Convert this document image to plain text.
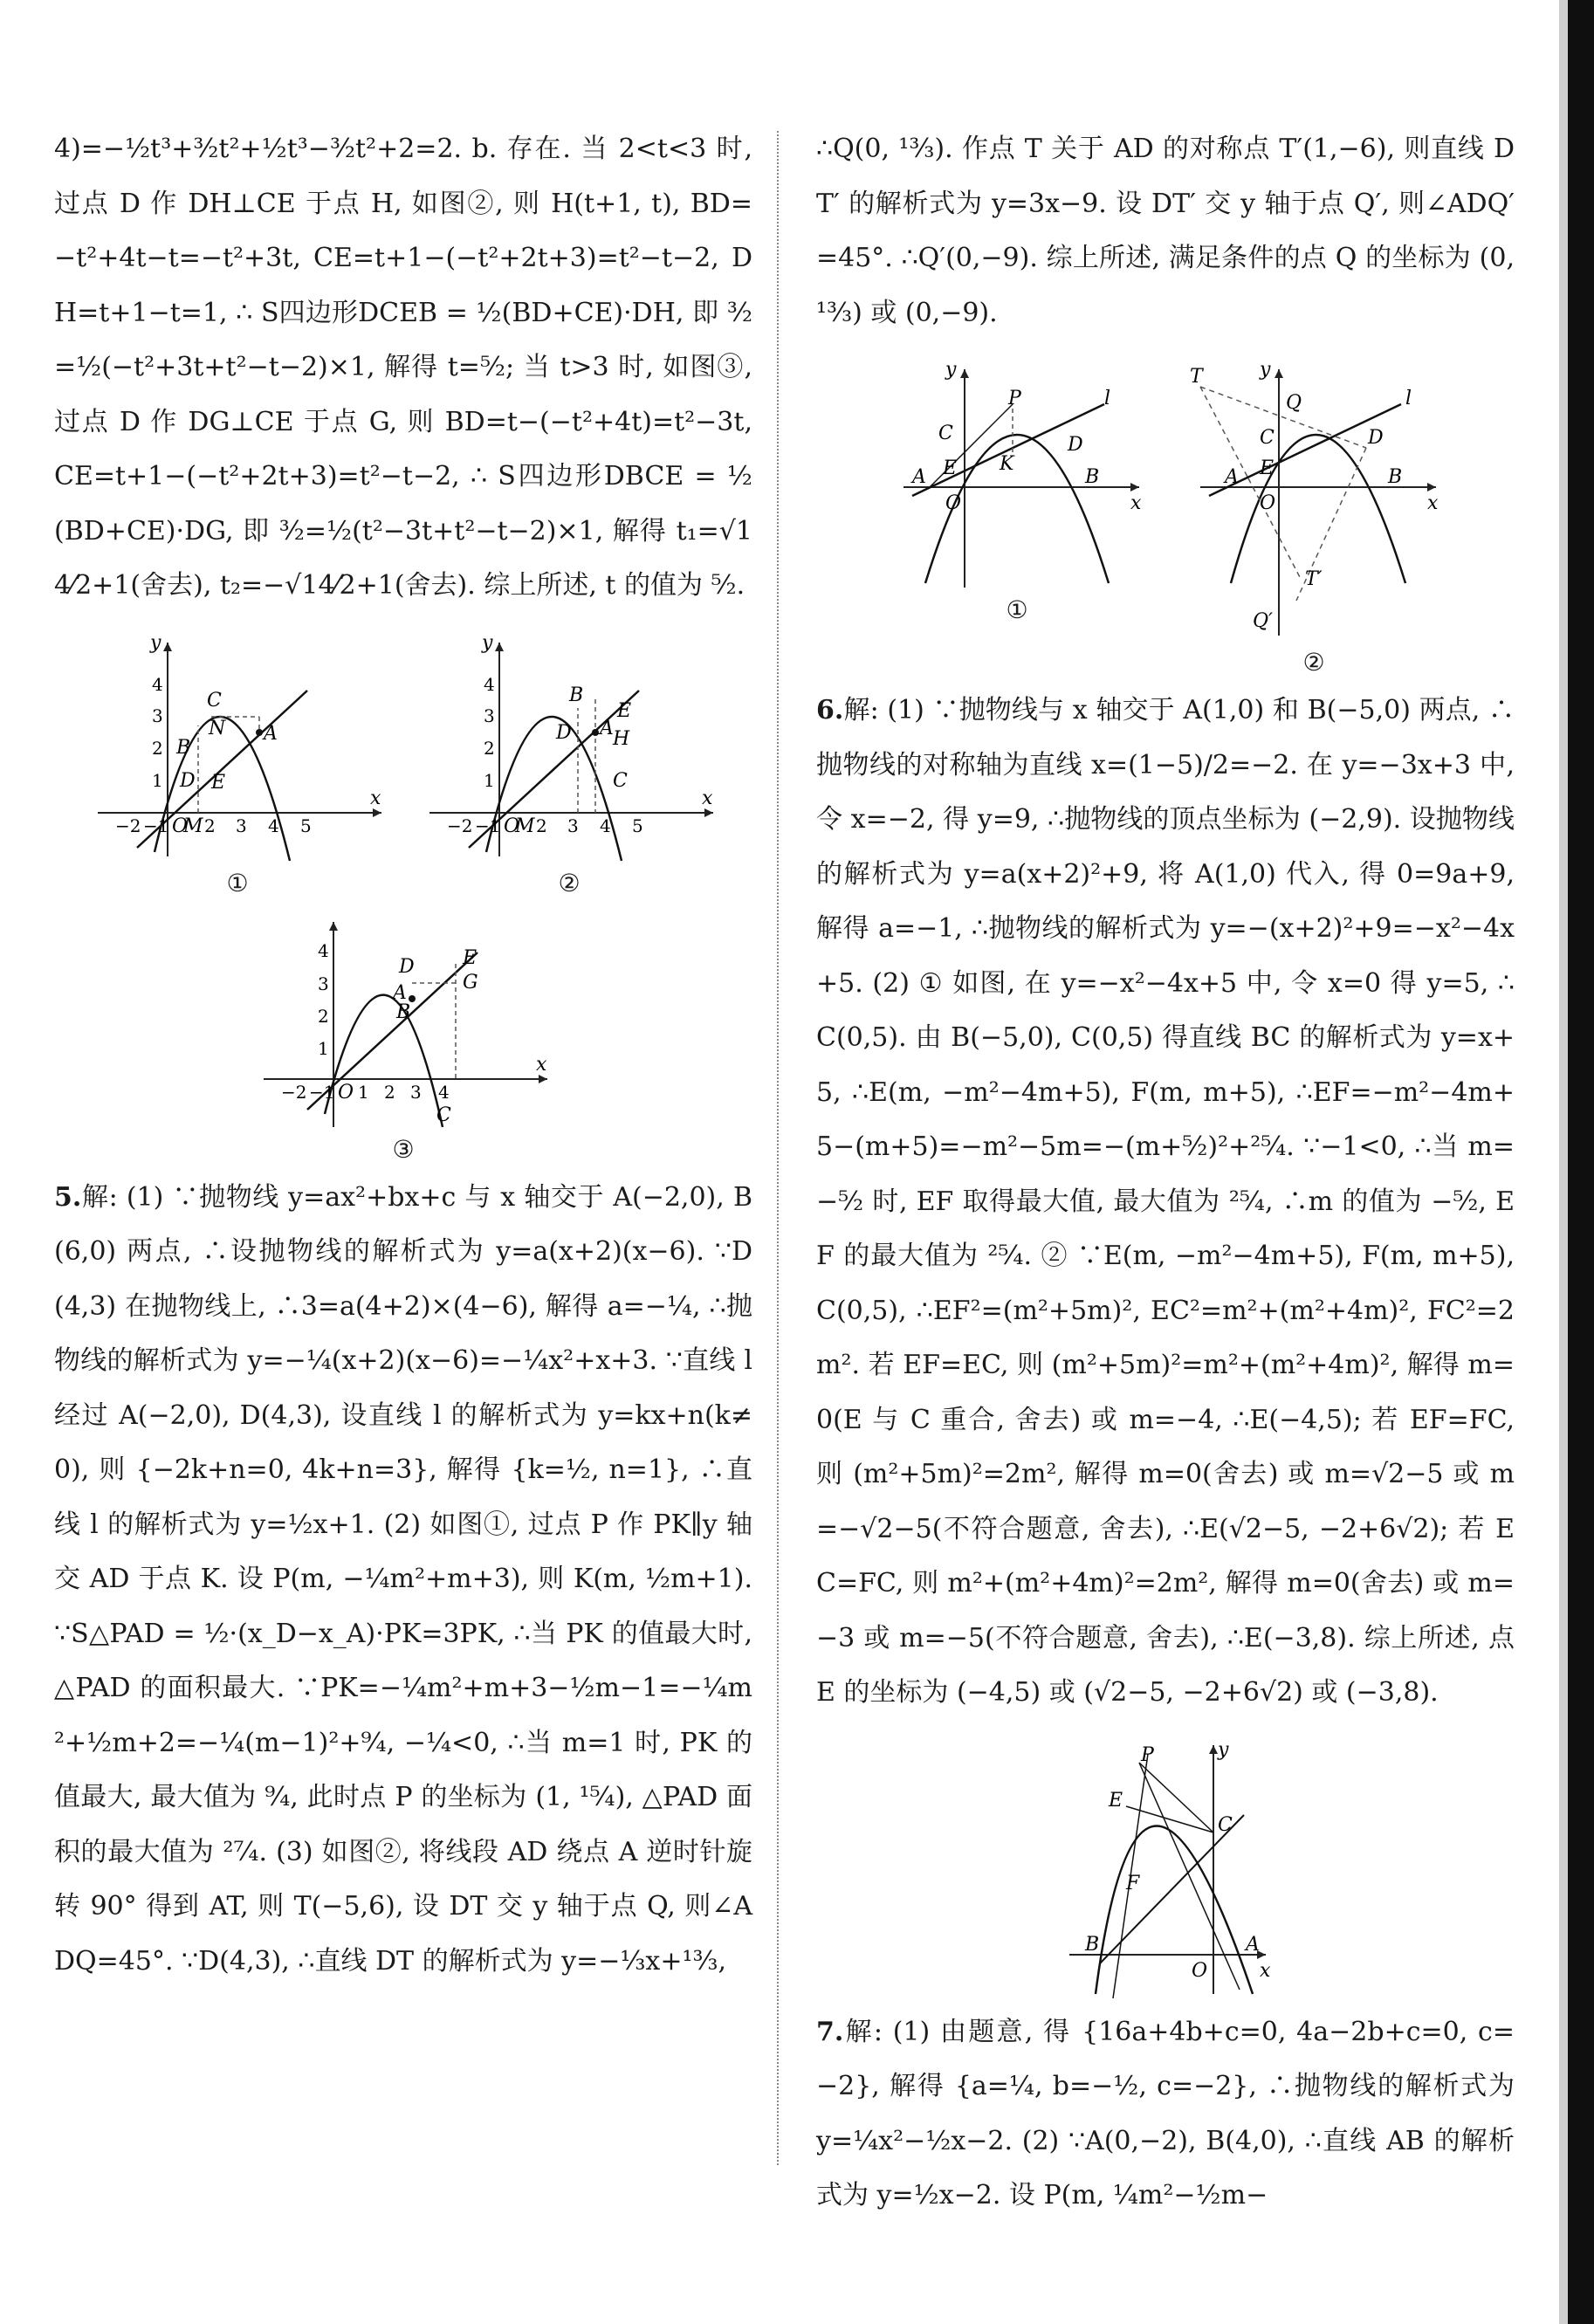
4)=−½t³+³⁄₂t²+½t³−³⁄₂t²+2=2. b. 存在. 当 2<t<3 时, 过点 D 作 DH⊥CE 于点 H, 如图②, 则 H(t+1, t), BD=−t²+4t−t=−t²+3t, CE=t+1−(−t²+2t+3)=t²−t−2, DH=t+1−t=1, ∴ S四边形DCEB = ½(BD+CE)·DH, 即 ³⁄₂=½(−t²+3t+t²−t−2)×1, 解得 t=⁵⁄₂; 当 t>3 时, 如图③, 过点 D 作 DG⊥CE 于点 G, 则 BD=t−(−t²+4t)=t²−3t, CE=t+1−(−t²+2t+3)=t²−t−2, ∴ S四边形DBCE = ½(BD+CE)·DG, 即 ³⁄₂=½(t²−3t+t²−t−2)×1, 解得 t₁=√14⁄2+1(舍去), t₂=−√14⁄2+1(舍去). 综上所述, t 的值为 ⁵⁄₂.

C
B
N A
D E
O
M
x
y
−2 −1 2 3 4 5
1
2
3
4
①
B
E
D A H
C
O
M
x
y
−2 −1 2 3 4 5
1
2
3
4
②
D
A
B
E
G
C
O
x
−2 −1 1 2 3 4
1
2
3
4
③

5.解: (1) ∵抛物线 y=ax²+bx+c 与 x 轴交于 A(−2,0), B(6,0) 两点, ∴设抛物线的解析式为 y=a(x+2)(x−6). ∵D(4,3) 在抛物线上, ∴3=a(4+2)×(4−6), 解得 a=−¼, ∴抛物线的解析式为 y=−¼(x+2)(x−6)=−¼x²+x+3. ∵直线 l 经过 A(−2,0), D(4,3), 设直线 l 的解析式为 y=kx+n(k≠0), 则 {−2k+n=0, 4k+n=3}, 解得 {k=½, n=1}, ∴直线 l 的解析式为 y=½x+1. (2) 如图①, 过点 P 作 PK∥y 轴交 AD 于点 K. 设 P(m, −¼m²+m+3), 则 K(m, ½m+1). ∵S△PAD = ½·(x_D−x_A)·PK=3PK, ∴当 PK 的值最大时, △PAD 的面积最大. ∵PK=−¼m²+m+3−½m−1=−¼m²+½m+2=−¼(m−1)²+⁹⁄₄, −¼<0, ∴当 m=1 时, PK 的值最大, 最大值为 ⁹⁄₄, 此时点 P 的坐标为 (1, ¹⁵⁄₄), △PAD 面积的最大值为 ²⁷⁄₄. (3) 如图②, 将线段 AD 绕点 A 逆时针旋转 90° 得到 AT, 则 T(−5,6), 设 DT 交 y 轴于点 Q, 则∠ADQ=45°. ∵D(4,3), ∴直线 DT 的解析式为 y=−⅓x+¹³⁄₃,

∴Q(0, ¹³⁄₃). 作点 T 关于 AD 的对称点 T′(1,−6), 则直线 DT′ 的解析式为 y=3x−9. 设 DT′ 交 y 轴于点 Q′, 则∠ADQ′=45°. ∴Q′(0,−9). 综上所述, 满足条件的点 Q 的坐标为 (0, ¹³⁄₃) 或 (0,−9).

P
C
E
A
K
D
B
l
O	x
y
①
T
Q
C
E
A
D
B
l
T′
Q′
O	x
y
②

6.解: (1) ∵抛物线与 x 轴交于 A(1,0) 和 B(−5,0) 两点, ∴抛物线的对称轴为直线 x=(1−5)/2=−2. 在 y=−3x+3 中, 令 x=−2, 得 y=9, ∴抛物线的顶点坐标为 (−2,9). 设抛物线的解析式为 y=a(x+2)²+9, 将 A(1,0) 代入, 得 0=9a+9, 解得 a=−1, ∴抛物线的解析式为 y=−(x+2)²+9=−x²−4x+5. (2) ① 如图, 在 y=−x²−4x+5 中, 令 x=0 得 y=5, ∴C(0,5). 由 B(−5,0), C(0,5) 得直线 BC 的解析式为 y=x+5, ∴E(m, −m²−4m+5), F(m, m+5), ∴EF=−m²−4m+5−(m+5)=−m²−5m=−(m+⁵⁄₂)²+²⁵⁄₄. ∵−1<0, ∴当 m=−⁵⁄₂ 时, EF 取得最大值, 最大值为 ²⁵⁄₄, ∴m 的值为 −⁵⁄₂, EF 的最大值为 ²⁵⁄₄. ② ∵E(m, −m²−4m+5), F(m, m+5), C(0,5), ∴EF²=(m²+5m)², EC²=m²+(m²+4m)², FC²=2m². 若 EF=EC, 则 (m²+5m)²=m²+(m²+4m)², 解得 m=0(E 与 C 重合, 舍去) 或 m=−4, ∴E(−4,5); 若 EF=FC, 则 (m²+5m)²=2m², 解得 m=0(舍去) 或 m=√2−5 或 m=−√2−5(不符合题意, 舍去), ∴E(√2−5, −2+6√2); 若 EC=FC, 则 m²+(m²+4m)²=2m², 解得 m=0(舍去) 或 m=−3 或 m=−5(不符合题意, 舍去), ∴E(−3,8). 综上所述, 点 E 的坐标为 (−4,5) 或 (√2−5, −2+6√2) 或 (−3,8).

P
E
C
F
B	A
O	x
y

7.解: (1) 由题意, 得 {16a+4b+c=0, 4a−2b+c=0, c=−2}, 解得 {a=¼, b=−½, c=−2}, ∴抛物线的解析式为 y=¼x²−½x−2. (2) ∵A(0,−2), B(4,0), ∴直线 AB 的解析式为 y=½x−2. 设 P(m, ¼m²−½m−
